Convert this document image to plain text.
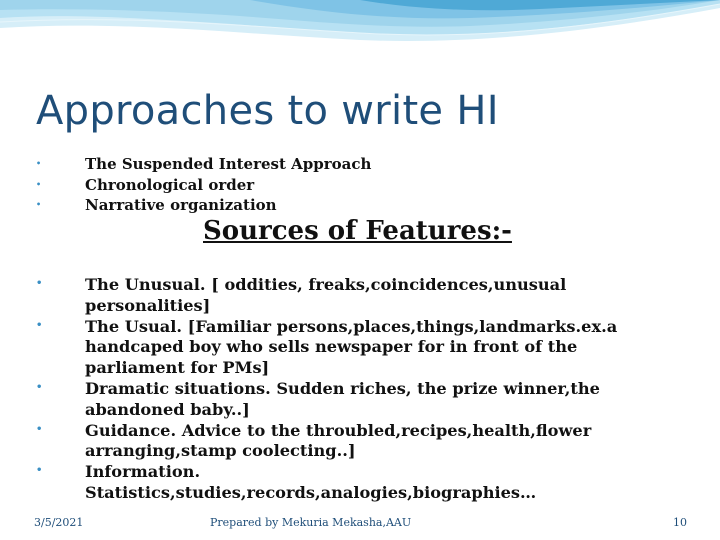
Approaches to write HI
•	The Suspended Interest Approach
•	Chronological order
•	Narrative organization
Sources of Features:-
•	The Unusual. [ oddities, freaks,coincidences,unusual personalities]
•	The Usual. [Familiar persons,places,things,landmarks.ex.a handcaped boy who sells newspaper for in front of the parliament for PMs]
•	Dramatic situations. Sudden riches, the prize winner,the abandoned baby..]
•	Guidance. Advice to the throubled,recipes,health,flower arranging,stamp coolecting..]
•	Information. Statistics,studies,records,analogies,biographies…
3/5/2021	Prepared by Mekuria Mekasha,AAU	10
